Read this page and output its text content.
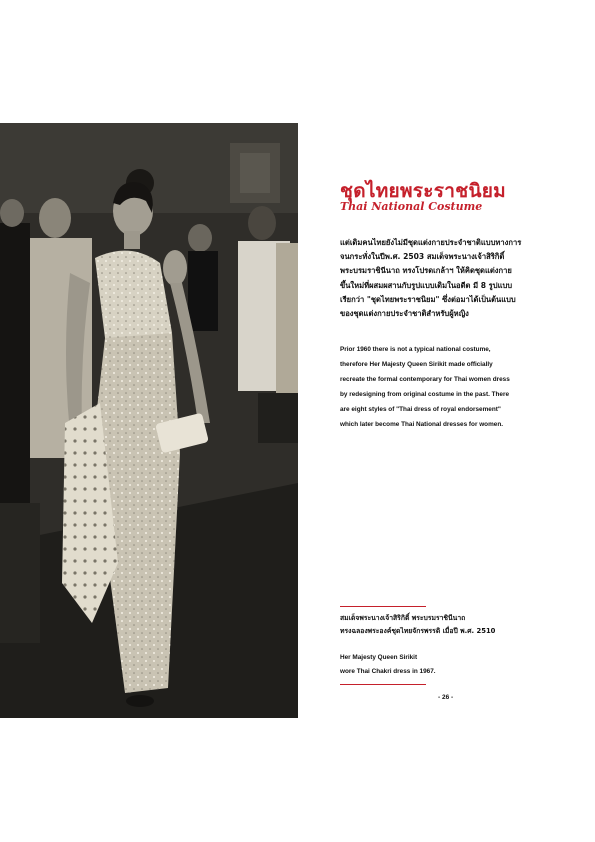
ชุดไทยพระราชนิยม
Thai National Costume
แต่เดิมคนไทยยังไม่มีชุดแต่งกายประจำชาติแบบทางการ
จนกระทั่งในปีพ.ศ. 2503 สมเด็จพระนางเจ้าสิริกิติ์
พระบรมราชินีนาถ ทรงโปรดเกล้าฯ ให้คิดชุดแต่งกาย
ขึ้นใหม่ที่ผสมผสานกับรูปแบบเดิมในอดีต มี 8 รูปแบบ
เรียกว่า "ชุดไทยพระราชนิยม" ซึ่งต่อมาได้เป็นต้นแบบ
ของชุดแต่งกายประจำชาติสำหรับผู้หญิง
Prior 1960 there is not a typical national costume,
therefore Her Majesty Queen Sirikit made officially
recreate the formal contemporary for Thai women dress
by redesigning from original costume in the past. There
are eight styles of "Thai dress of royal endorsement"
which later become Thai National dresses for women.
สมเด็จพระนางเจ้าสิริกิติ์ พระบรมราชินีนาถ
ทรงฉลองพระองค์ชุดไทยจักรพรรดิ เมื่อปี พ.ศ. 2510
Her Majesty Queen Sirikit
wore Thai Chakri dress in 1967.
- 26 -
